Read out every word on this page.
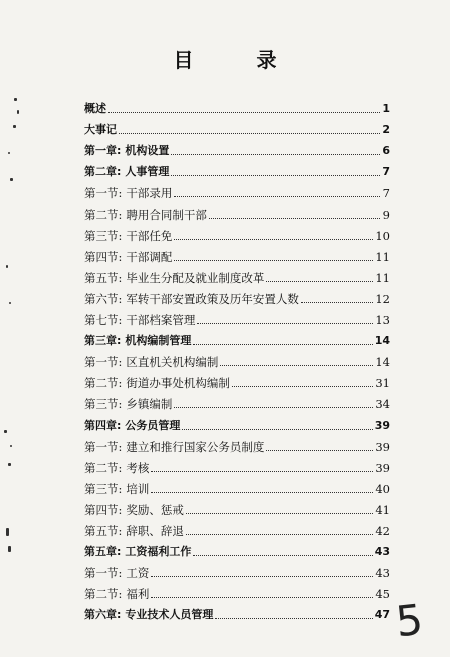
目 录
概述	1
大事记	2
第一章: 机构设置	6
第二章: 人事管理	7
第一节: 干部录用	7
第二节: 聘用合同制干部	9
第三节: 干部任免	10
第四节: 干部调配	11
第五节: 毕业生分配及就业制度改革	11
第六节: 军转干部安置政策及历年安置人数	12
第七节: 干部档案管理	13
第三章: 机构编制管理	14
第一节: 区直机关机构编制	14
第二节: 街道办事处机构编制	31
第三节: 乡镇编制	34
第四章: 公务员管理	39
第一节: 建立和推行国家公务员制度	39
第二节: 考核	39
第三节: 培训	40
第四节: 奖励、惩戒	41
第五节: 辞职、辞退	42
第五章: 工资福利工作	43
第一节: 工资	43
第二节: 福利	45
第六章: 专业技术人员管理	47 5
